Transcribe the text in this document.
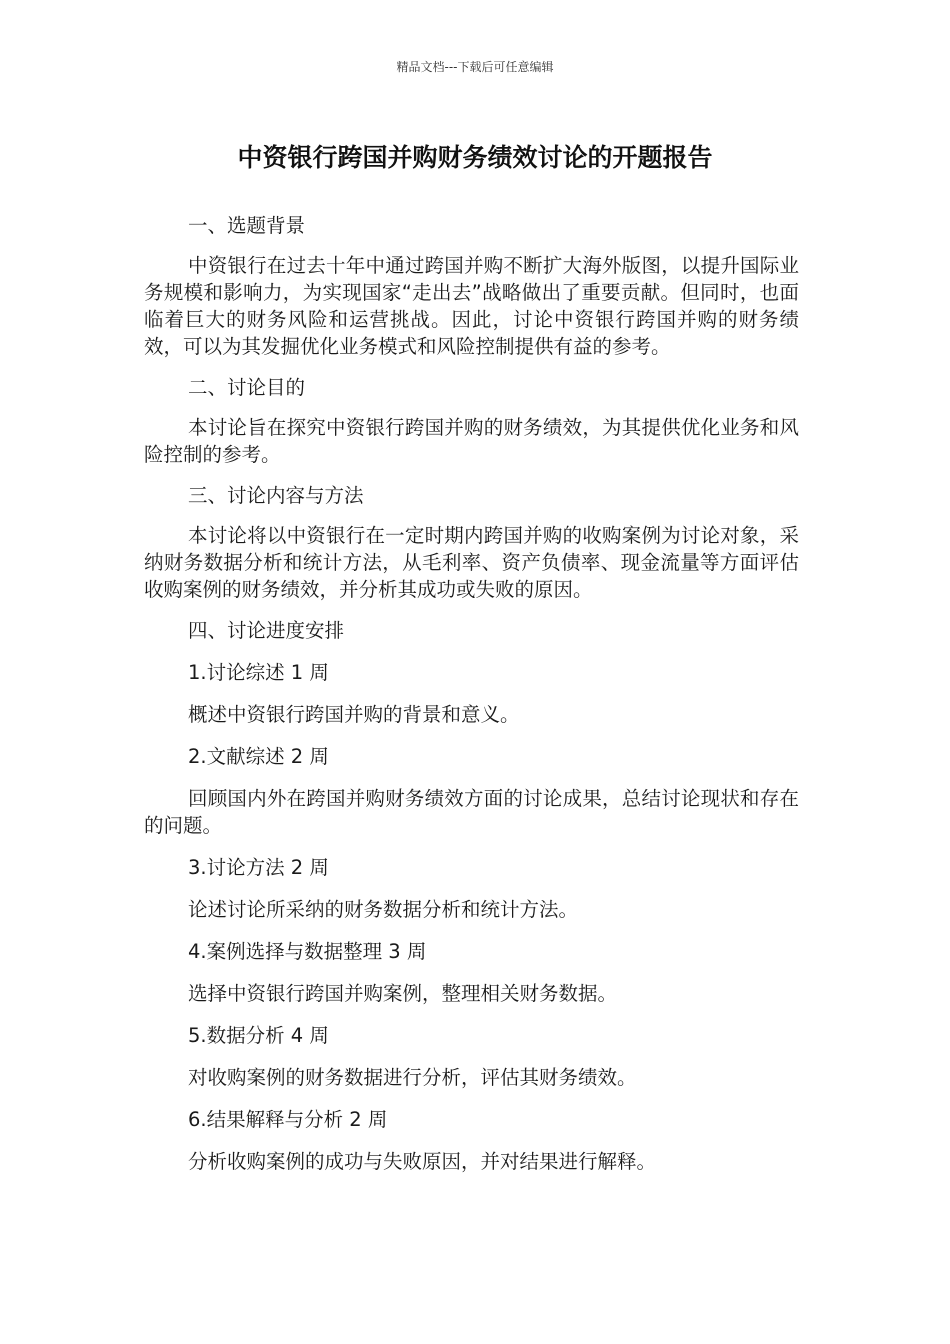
精品文档---下载后可任意编辑
中资银行跨国并购财务绩效讨论的开题报告

一、选题背景

中资银行在过去十年中通过跨国并购不断扩大海外版图，以提升国际业务规模和影响力，为实现国家“走出去”战略做出了重要贡献。但同时，也面临着巨大的财务风险和运营挑战。因此，讨论中资银行跨国并购的财务绩效，可以为其发掘优化业务模式和风险控制提供有益的参考。

二、讨论目的

本讨论旨在探究中资银行跨国并购的财务绩效，为其提供优化业务和风险控制的参考。

三、讨论内容与方法

本讨论将以中资银行在一定时期内跨国并购的收购案例为讨论对象，采纳财务数据分析和统计方法，从毛利率、资产负债率、现金流量等方面评估收购案例的财务绩效，并分析其成功或失败的原因。

四、讨论进度安排

1.讨论综述 1 周

概述中资银行跨国并购的背景和意义。

2.文献综述 2 周

回顾国内外在跨国并购财务绩效方面的讨论成果，总结讨论现状和存在的问题。

3.讨论方法 2 周

论述讨论所采纳的财务数据分析和统计方法。

4.案例选择与数据整理 3 周

选择中资银行跨国并购案例，整理相关财务数据。

5.数据分析 4 周

对收购案例的财务数据进行分析，评估其财务绩效。

6.结果解释与分析 2 周

分析收购案例的成功与失败原因，并对结果进行解释。
